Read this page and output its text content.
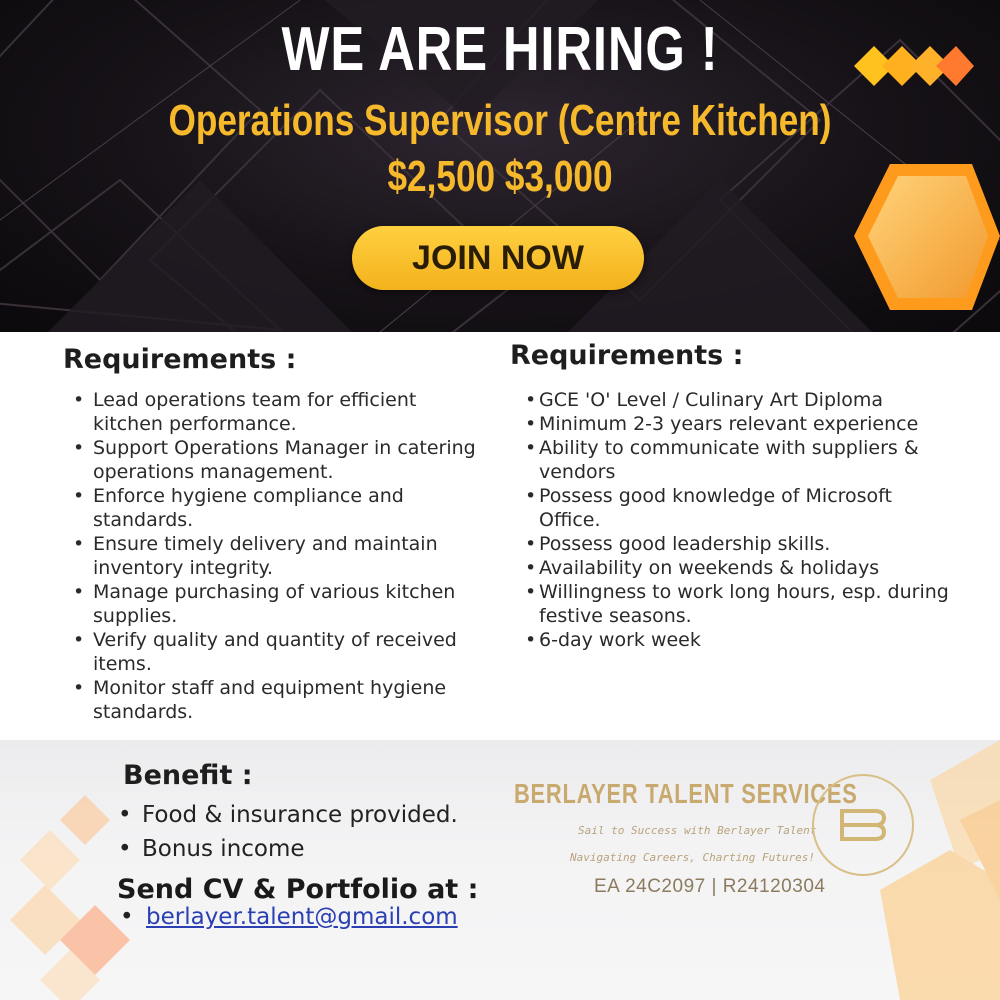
WE ARE HIRING !
Operations Supervisor (Centre Kitchen)
$2,500 $3,000
JOIN NOW
Requirements :
• Lead operations team for efficient
kitchen performance.
• Support Operations Manager in catering
operations management.
• Enforce hygiene compliance and
standards.
• Ensure timely delivery and maintain
inventory integrity.
• Manage purchasing of various kitchen
supplies.
• Verify quality and quantity of received
items.
• Monitor staff and equipment hygiene
standards.
Requirements :
• GCE 'O' Level / Culinary Art Diploma
• Minimum 2-3 years relevant experience
• Ability to communicate with suppliers &
vendors
• Possess good knowledge of Microsoft
Office.
• Possess good leadership skills.
• Availability on weekends & holidays
• Willingness to work long hours, esp. during
festive seasons.
• 6-day work week
Benefit :
• Food & insurance provided.
• Bonus income
Send CV & Portfolio at :
• berlayer.talent@gmail.com
BERLAYER TALENT SERVICES
Sail to Success with Berlayer Talent
Navigating Careers, Charting Futures!
EA 24C2097 | R24120304
